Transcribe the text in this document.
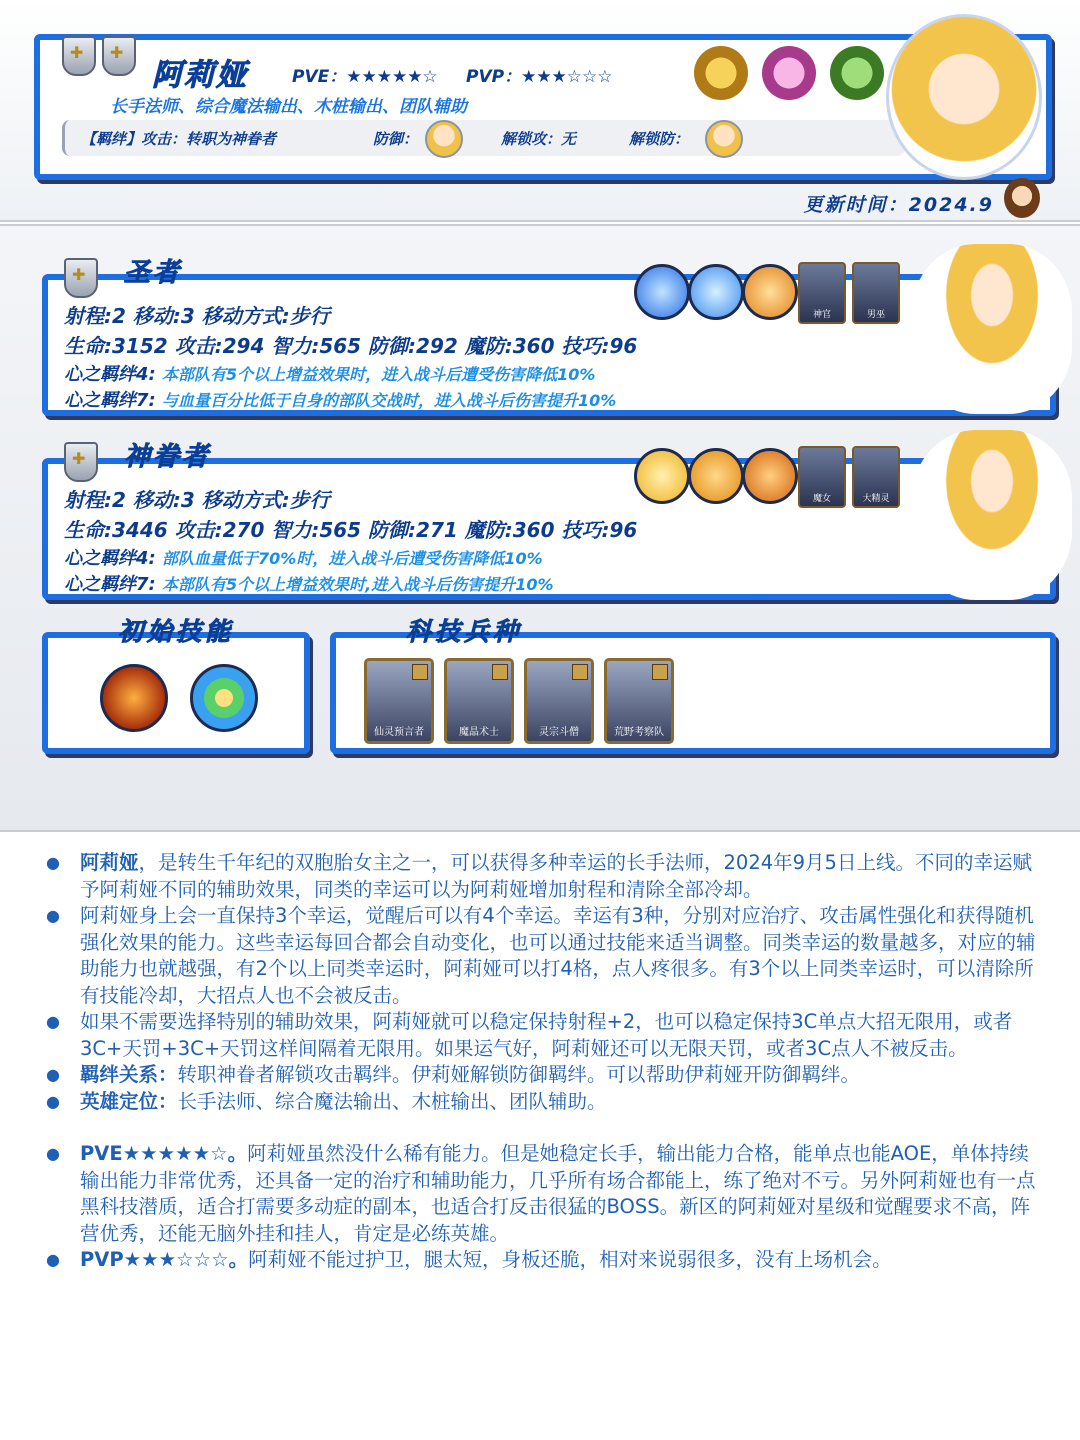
✚
✚
阿莉娅	PVE：★★★★★☆ PVP：★★★☆☆☆
长手法师、综合魔法输出、木桩输出、团队辅助
【羁绊】攻击：转职为神眷者	防御：	解锁攻：无	解锁防：
更新时间：2024.9
✚
圣者
射程:2 移动:3 移动方式:步行
生命:3152 攻击:294 智力:565 防御:292 魔防:360 技巧:96
心之羁绊4: 本部队有5个以上增益效果时，进入战斗后遭受伤害降低10%
心之羁绊7: 与血量百分比低于自身的部队交战时，进入战斗后伤害提升10%
神官	男巫
✚
神眷者
射程:2 移动:3 移动方式:步行
生命:3446 攻击:270 智力:565 防御:271 魔防:360 技巧:96
心之羁绊4: 部队血量低于70%时，进入战斗后遭受伤害降低10%
心之羁绊7: 本部队有5个以上增益效果时,进入战斗后伤害提升10%
魔女	大精灵
初始技能	科技兵种
仙灵预言者	魔晶术士	灵宗斗僧	荒野考察队
● 阿莉娅，是转生千年纪的双胞胎女主之一，可以获得多种幸运的长手法师，2024年9月5日上线。不同的幸运赋予阿莉娅不同的辅助效果，同类的幸运可以为阿莉娅增加射程和清除全部冷却。
● 阿莉娅身上会一直保持3个幸运，觉醒后可以有4个幸运。幸运有3种，分别对应治疗、攻击属性强化和获得随机强化效果的能力。这些幸运每回合都会自动变化，也可以通过技能来适当调整。同类幸运的数量越多，对应的辅助能力也就越强，有2个以上同类幸运时，阿莉娅可以打4格，点人疼很多。有3个以上同类幸运时，可以清除所有技能冷却，大招点人也不会被反击。
● 如果不需要选择特别的辅助效果，阿莉娅就可以稳定保持射程+2，也可以稳定保持3C单点大招无限用，或者3C+天罚+3C+天罚这样间隔着无限用。如果运气好，阿莉娅还可以无限天罚，或者3C点人不被反击。
● 羁绊关系：转职神眷者解锁攻击羁绊。伊莉娅解锁防御羁绊。可以帮助伊莉娅开防御羁绊。
● 英雄定位：长手法师、综合魔法输出、木桩输出、团队辅助。
● PVE★★★★★☆。阿莉娅虽然没什么稀有能力。但是她稳定长手，输出能力合格，能单点也能AOE，单体持续输出能力非常优秀，还具备一定的治疗和辅助能力，几乎所有场合都能上，练了绝对不亏。另外阿莉娅也有一点黑科技潜质，适合打需要多动症的副本，也适合打反击很猛的BOSS。新区的阿莉娅对星级和觉醒要求不高，阵营优秀，还能无脑外挂和挂人，肯定是必练英雄。
● PVP★★★☆☆☆。阿莉娅不能过护卫，腿太短，身板还脆，相对来说弱很多，没有上场机会。
